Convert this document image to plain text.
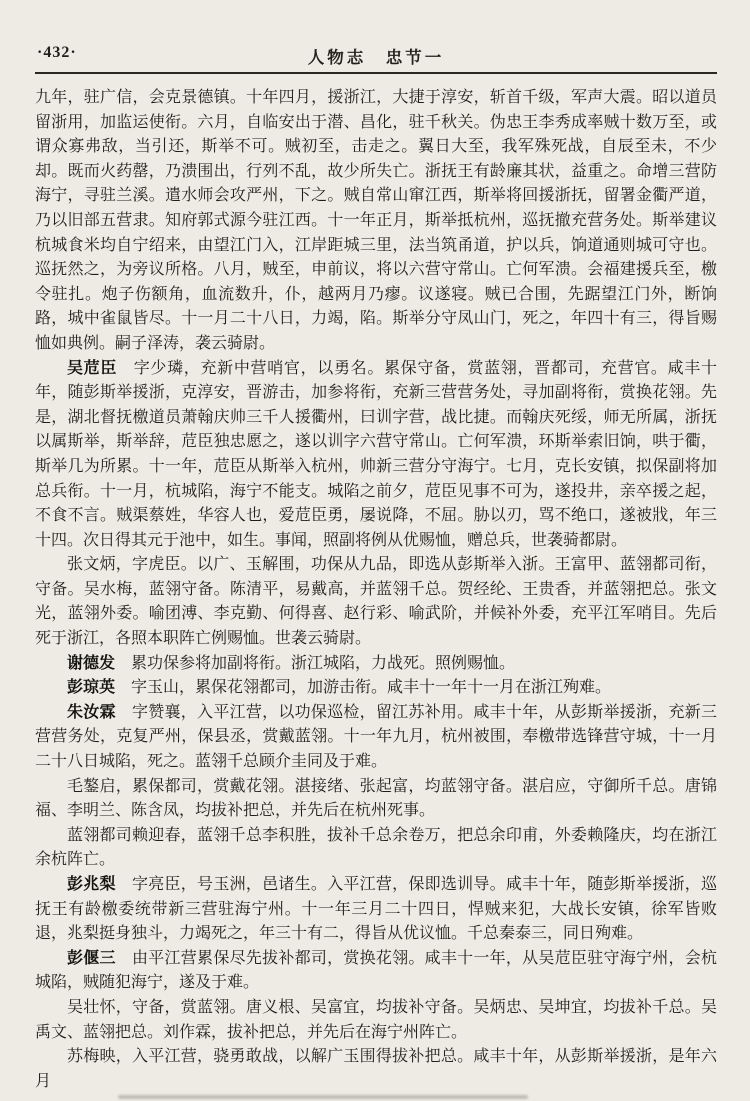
·432·	人物志　忠节一

九年，驻广信，会克景德镇。十年四月，援浙江，大捷于淳安，斩首千级，军声大震。昭以道员留浙用，加监运使衔。六月，自临安出于潜、昌化，驻千秋关。伪忠王李秀成率贼十数万至，或谓众寡弗敌，当引还，斯举不可。贼初至，击走之。翼日大至，我军殊死战，自辰至未，不少却。既而火药罄，乃溃围出，行列不乱，故少所失亡。浙抚王有龄廉其状，益重之。命增三营防海宁，寻驻兰溪。遣水师会攻严州，下之。贼自常山窜江西，斯举将回援浙抚，留署金衢严道，乃以旧部五营隶。知府郭式源今驻江西。十一年正月，斯举抵杭州，巡抚撤充营务处。斯举建议杭城食米均自宁绍来，由望江门入，江岸距城三里，法当筑甬道，护以兵，饷道通则城可守也。巡抚然之，为旁议所格。八月，贼至，申前议，将以六营守常山。亡何军溃。会福建援兵至，檄令驻扎。炮子伤额角，血流数升，仆，越两月乃瘳。议遂寝。贼已合围，先踞望江门外，断饷路，城中雀鼠皆尽。十一月二十八日，力竭，陷。斯举分守凤山门，死之，年四十有三，得旨赐恤如典例。嗣子泽涛，袭云骑尉。

吴苊臣　字少璘，充新中营哨官，以勇名。累保守备，赏蓝翎，晋都司，充营官。咸丰十年，随彭斯举援浙，克淳安，晋游击，加参将衔，充新三营营务处，寻加副将衔，赏换花翎。先是，湖北督抚檄道员萧翰庆帅三千人援衢州，曰训字营，战比捷。而翰庆死绥，师无所属，浙抚以属斯举，斯举辞，苊臣独忠愿之，遂以训字六营守常山。亡何军溃，环斯举索旧饷，哄于衢，斯举几为所累。十一年，苊臣从斯举入杭州，帅新三营分守海宁。七月，克长安镇，拟保副将加总兵衔。十一月，杭城陷，海宁不能支。城陷之前夕，苊臣见事不可为，遂投井，亲卒援之起，不食不言。贼渠蔡姓，华容人也，爱苊臣勇，屡说降，不屈。胁以刃，骂不绝口，遂被戕，年三十四。次日得其元于池中，如生。事闻，照副将例从优赐恤，赠总兵，世袭骑都尉。

张文炳，字虎臣。以广、玉解围，功保从九品，即选从彭斯举入浙。王富甲、蓝翎都司衔，守备。吴水梅，蓝翎守备。陈清平，易戴高，并蓝翎千总。贺经纶、王贵香，并蓝翎把总。张文光，蓝翎外委。喻团溥、李克勤、何得喜、赵行彩、喻武阶，并候补外委，充平江军哨目。先后死于浙江，各照本职阵亡例赐恤。世袭云骑尉。

谢德发　累功保参将加副将衔。浙江城陷，力战死。照例赐恤。

彭琼英　字玉山，累保花翎都司，加游击衔。咸丰十一年十一月在浙江殉难。

朱汝霖　字赞襄，入平江营，以功保巡检，留江苏补用。咸丰十年，从彭斯举援浙，充新三营营务处，克复严州，保县丞，赏戴蓝翎。十一年九月，杭州被围，奉檄带选锋营守城，十一月二十八日城陷，死之。蓝翎千总顾介圭同及于难。

毛鏊启，累保都司，赏戴花翎。湛接绪、张起富，均蓝翎守备。湛启应，守御所千总。唐锦福、李明兰、陈含凤，均拔补把总，并先后在杭州死事。

蓝翎都司赖迎春，蓝翎千总李积胜，拔补千总余卷万，把总余印甫，外委赖隆庆，均在浙江余杭阵亡。

彭兆梨　字亮臣，号玉洲，邑诸生。入平江营，保即选训导。咸丰十年，随彭斯举援浙，巡抚王有龄檄委统带新三营驻海宁州。十一年三月二十四日，悍贼来犯，大战长安镇，徐军皆败退，兆梨挺身独斗，力竭死之，年三十有二，得旨从优议恤。千总秦泰三，同日殉难。

彭偃三　由平江营累保尽先拔补都司，赏换花翎。咸丰十一年，从吴苊臣驻守海宁州，会杭城陷，贼随犯海宁，遂及于难。

吴壮怀，守备，赏蓝翎。唐义根、吴富宜，均拔补守备。吴炳忠、吴坤宜，均拔补千总。吴禹文、蓝翎把总。刘作霖，拔补把总，并先后在海宁州阵亡。

苏梅映，入平江营，骁勇敢战，以解广玉围得拔补把总。咸丰十年，从彭斯举援浙，是年六月
